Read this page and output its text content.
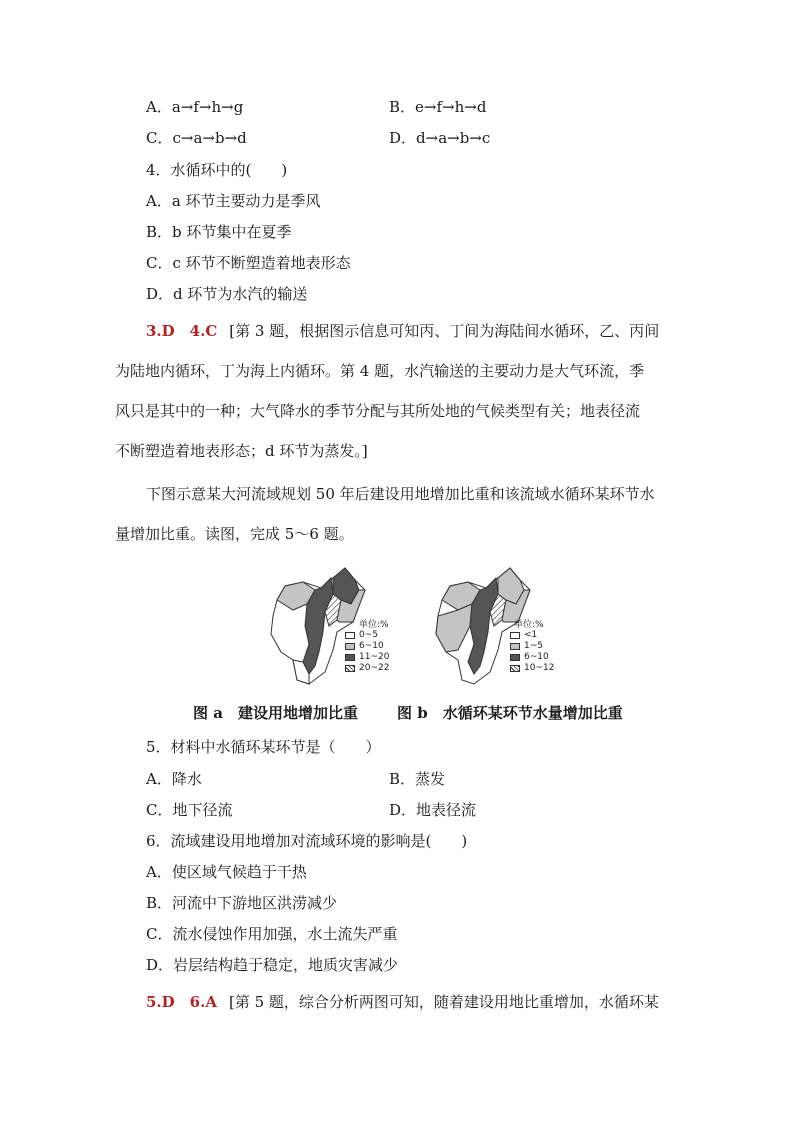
A．a→f→h→g	B．e→f→h→d
C．c→a→b→d	D．d→a→b→c
4．水循环中的(　　)
A．a 环节主要动力是季风
B．b 环节集中在夏季
C．c 环节不断塑造着地表形态
D．d 环节为水汽的输送
3.D　4.C [第 3 题，根据图示信息可知丙、丁间为海陆间水循环，乙、丙间
为陆地内循环，丁为海上内循环。第 4 题，水汽输送的主要动力是大气环流，季
风只是其中的一种；大气降水的季节分配与其所处地的气候类型有关；地表径流
不断塑造着地表形态；d 环节为蒸发。]
下图示意某大河流域规划 50 年后建设用地增加比重和该流域水循环某环节水
量增加比重。读图，完成 5～6 题。
单位:%
0~5
6~10
11~20
20~22
单位:%
<1
1~5
6~10
10~12
图 a　建设用地增加比重	图 b　水循环某环节水量增加比重
5．材料中水循环某环节是（　　）
A．降水	B．蒸发
C．地下径流	D．地表径流
6．流域建设用地增加对流域环境的影响是(　　)
A．使区域气候趋于干热
B．河流中下游地区洪涝减少
C．流水侵蚀作用加强，水土流失严重
D．岩层结构趋于稳定，地质灾害减少
5.D　6.A [第 5 题，综合分析两图可知，随着建设用地比重增加，水循环某
